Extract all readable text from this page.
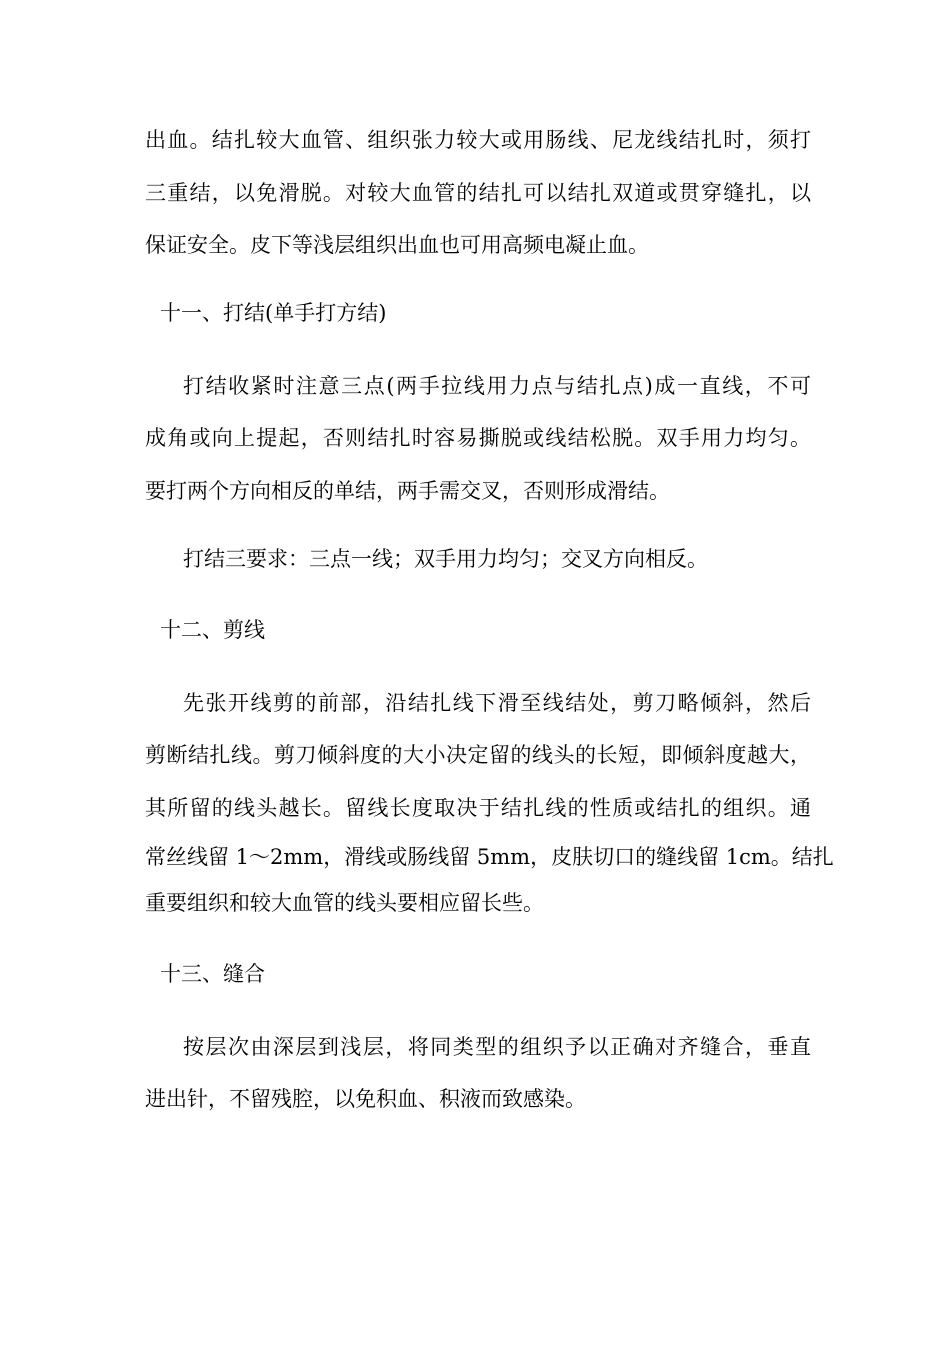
出血。结扎较大血管、组织张力较大或用肠线、尼龙线结扎时，须打
三重结，以免滑脱。对较大血管的结扎可以结扎双道或贯穿缝扎，以
保证安全。皮下等浅层组织出血也可用高频电凝止血。
十一、打结(单手打方结)
打结收紧时注意三点(两手拉线用力点与结扎点)成一直线，不可
成角或向上提起，否则结扎时容易撕脱或线结松脱。双手用力均匀。
要打两个方向相反的单结，两手需交叉，否则形成滑结。
打结三要求：三点一线；双手用力均匀；交叉方向相反。
十二、剪线
先张开线剪的前部，沿结扎线下滑至线结处，剪刀略倾斜，然后
剪断结扎线。剪刀倾斜度的大小决定留的线头的长短，即倾斜度越大，
其所留的线头越长。留线长度取决于结扎线的性质或结扎的组织。通
常丝线留 1～2mm，滑线或肠线留 5mm，皮肤切口的缝线留 1cm。结扎
重要组织和较大血管的线头要相应留长些。
十三、缝合
按层次由深层到浅层，将同类型的组织予以正确对齐缝合，垂直
进出针，不留残腔，以免积血、积液而致感染。
